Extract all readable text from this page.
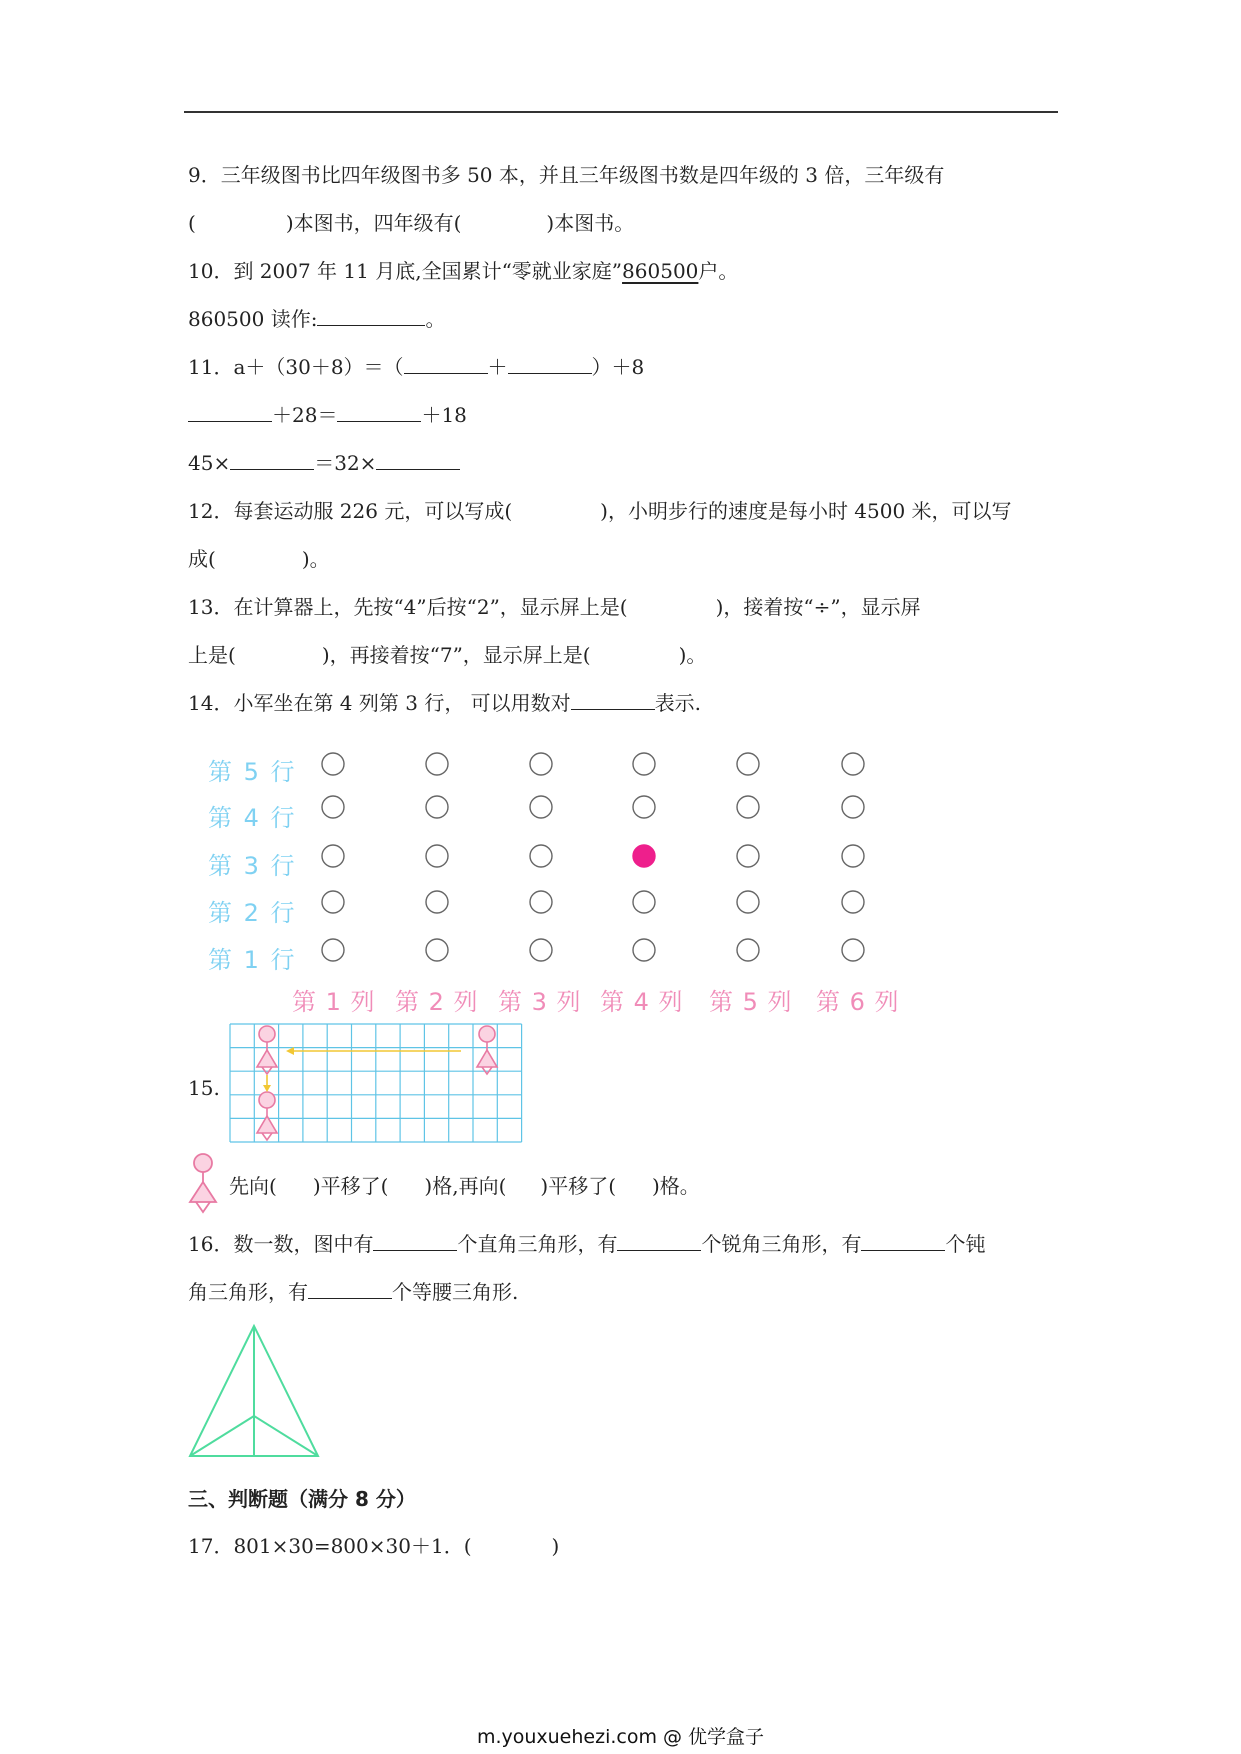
9．三年级图书比四年级图书多 50 本，并且三年级图书数是四年级的 3 倍，三年级有
(	)本图书，四年级有(	)本图书。
10．到 2007 年 11 月底,全国累计“零就业家庭”860500户。
860500 读作:	。
11．a＋（30＋8）＝（	＋	）＋8
＋28＝	＋18
45×	＝32×
12．每套运动服 226 元，可以写成(	)，小明步行的速度是每小时 4500 米，可以写
成(	)。
13．在计算器上，先按“4”后按“2”，显示屏上是(	)，接着按“÷”，显示屏
上是(	)，再接着按“7”，显示屏上是(	)。
14．小军坐在第 4 列第 3 行， 可以用数对	表示.
第 5 行
第 4 行
第 3 行
第 2 行
第 1 行
第 1 列 第 2 列 第 3 列 第 4 列 第 5 列 第 6 列
15.
先向( )平移了( )格,再向( )平移了( )格。
16．数一数，图中有	个直角三角形，有	个锐角三角形，有	个钝
角三角形，有	个等腰三角形.
三、判断题（满分 8 分）
17．801×30=800×30＋1．(	)
m.youxuehezi.com @ 优学盒子
